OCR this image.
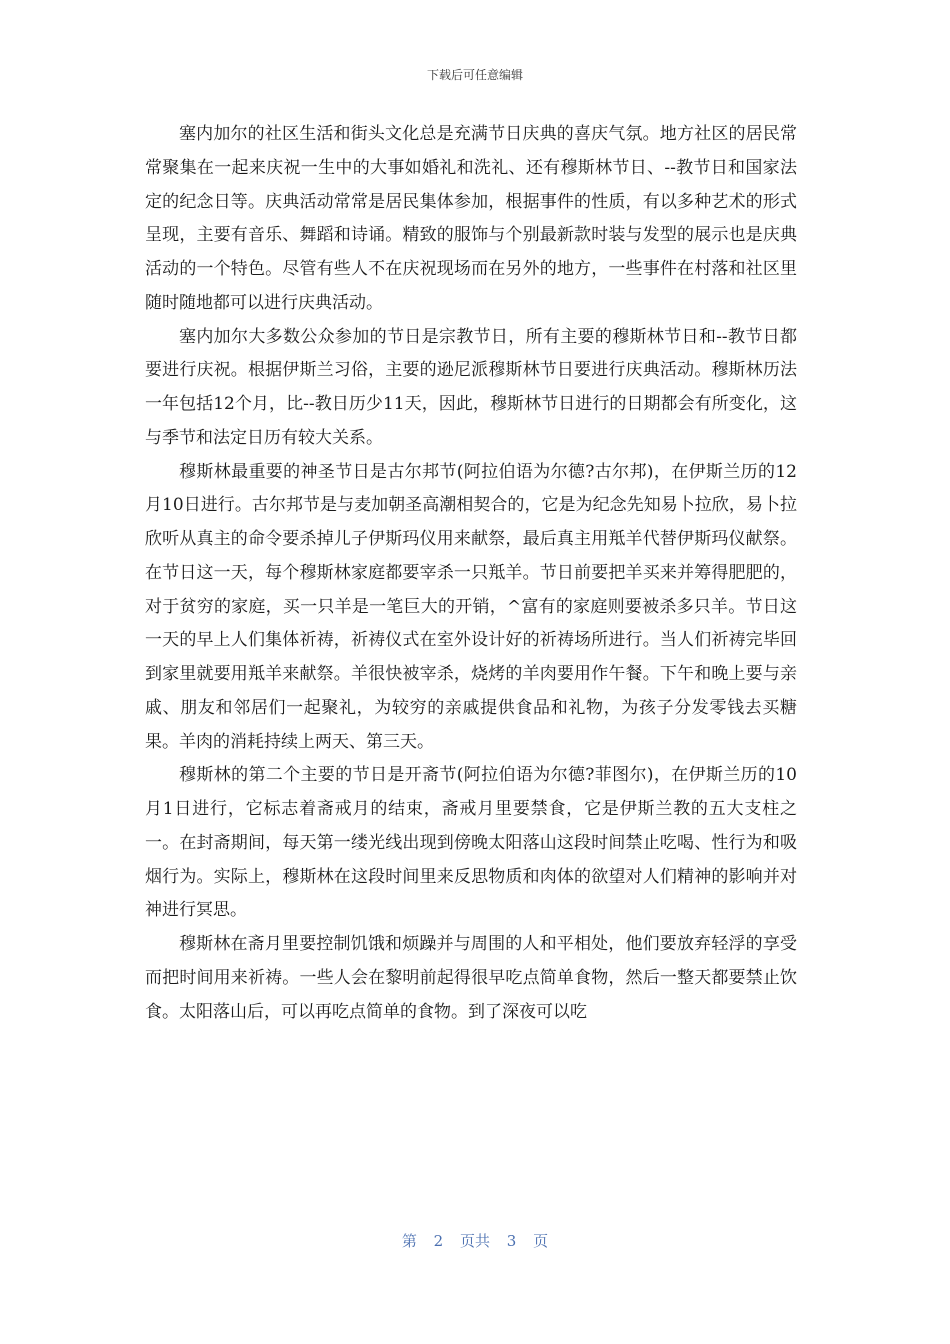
下载后可任意编辑

塞内加尔的社区生活和街头文化总是充满节日庆典的喜庆气氛。地方社区的居民常常聚集在一起来庆祝一生中的大事如婚礼和洗礼、还有穆斯林节日、--教节日和国家法定的纪念日等。庆典活动常常是居民集体参加，根据事件的性质，有以多种艺术的形式呈现，主要有音乐、舞蹈和诗诵。精致的服饰与个别最新款时装与发型的展示也是庆典活动的一个特色。尽管有些人不在庆祝现场而在另外的地方，一些事件在村落和社区里随时随地都可以进行庆典活动。

塞内加尔大多数公众参加的节日是宗教节日，所有主要的穆斯林节日和--教节日都要进行庆祝。根据伊斯兰习俗，主要的逊尼派穆斯林节日要进行庆典活动。穆斯林历法一年包括12个月，比--教日历少11天，因此，穆斯林节日进行的日期都会有所变化，这与季节和法定日历有较大关系。

穆斯林最重要的神圣节日是古尔邦节(阿拉伯语为尔德?古尔邦)，在伊斯兰历的12月10日进行。古尔邦节是与麦加朝圣高潮相契合的，它是为纪念先知易卜拉欣，易卜拉欣听从真主的命令要杀掉儿子伊斯玛仪用来献祭，最后真主用羝羊代替伊斯玛仪献祭。在节日这一天，每个穆斯林家庭都要宰杀一只羝羊。节日前要把羊买来并筹得肥肥的，对于贫穷的家庭，买一只羊是一笔巨大的开销，^富有的家庭则要被杀多只羊。节日这一天的早上人们集体祈祷，祈祷仪式在室外设计好的祈祷场所进行。当人们祈祷完毕回到家里就要用羝羊来献祭。羊很快被宰杀，烧烤的羊肉要用作午餐。下午和晚上要与亲戚、朋友和邻居们一起聚礼，为较穷的亲戚提供食品和礼物，为孩子分发零钱去买糖果。羊肉的消耗持续上两天、第三天。

穆斯林的第二个主要的节日是开斋节(阿拉伯语为尔德?菲图尔)，在伊斯兰历的10月1日进行，它标志着斋戒月的结束，斋戒月里要禁食，它是伊斯兰教的五大支柱之一。在封斋期间，每天第一缕光线出现到傍晚太阳落山这段时间禁止吃喝、性行为和吸烟行为。实际上，穆斯林在这段时间里来反思物质和肉体的欲望对人们精神的影响并对神进行冥思。

穆斯林在斋月里要控制饥饿和烦躁并与周围的人和平相处，他们要放弃轻浮的享受而把时间用来祈祷。一些人会在黎明前起得很早吃点简单食物，然后一整天都要禁止饮食。太阳落山后，可以再吃点简单的食物。到了深夜可以吃

第 2 页共 3 页
